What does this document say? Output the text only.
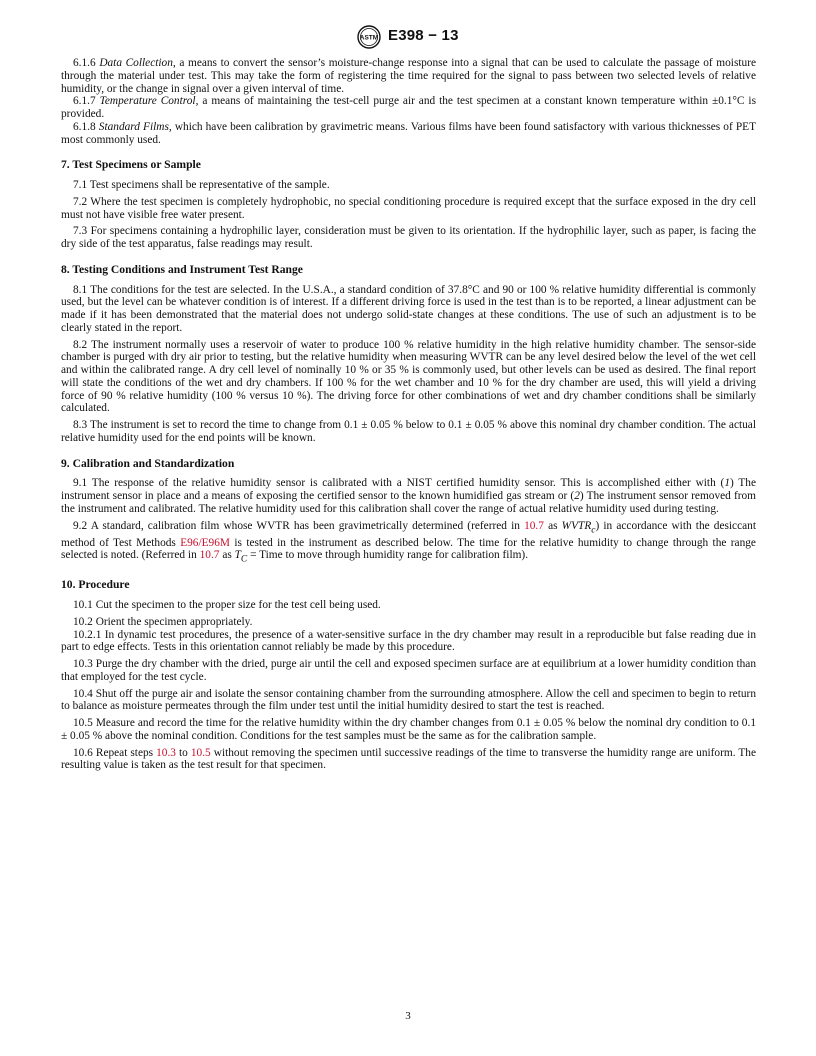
ASTM E398 − 13

6.1.6 Data Collection, a means to convert the sensor’s moisture-change response into a signal that can be used to calculate the passage of moisture through the material under test. This may take the form of registering the time required for the signal to pass between two selected levels of relative humidity, or the change in signal over a given interval of time.

6.1.7 Temperature Control, a means of maintaining the test-cell purge air and the test specimen at a constant known temperature within ±0.1°C is provided.

6.1.8 Standard Films, which have been calibration by gravimetric means. Various films have been found satisfactory with various thicknesses of PET most commonly used.

7. Test Specimens or Sample

7.1 Test specimens shall be representative of the sample.

7.2 Where the test specimen is completely hydrophobic, no special conditioning procedure is required except that the surface exposed in the dry cell must not have visible free water present.

7.3 For specimens containing a hydrophilic layer, consideration must be given to its orientation. If the hydrophilic layer, such as paper, is facing the dry side of the test apparatus, false readings may result.

8. Testing Conditions and Instrument Test Range

8.1 The conditions for the test are selected. In the U.S.A., a standard condition of 37.8°C and 90 or 100 % relative humidity differential is commonly used, but the level can be whatever condition is of interest. If a different driving force is used in the test than is to be reported, a linear adjustment can be made if it has been demonstrated that the material does not undergo solid-state changes at these conditions. The use of such an adjustment is to be clearly stated in the report.

8.2 The instrument normally uses a reservoir of water to produce 100 % relative humidity in the high relative humidity chamber. The sensor-side chamber is purged with dry air prior to testing, but the relative humidity when measuring WVTR can be any level desired below the level of the wet cell and within the calibrated range. A dry cell level of nominally 10 % or 35 % is commonly used, but other levels can be used as desired. The final report will state the conditions of the wet and dry chambers. If 100 % for the wet chamber and 10 % for the dry chamber are used, this will yield a driving force of 90 % relative humidity (100 % versus 10 %). The driving force for other combinations of wet and dry chamber conditions shall be similarly calculated.

8.3 The instrument is set to record the time to change from 0.1 ± 0.05 % below to 0.1 ± 0.05 % above this nominal dry chamber condition. The actual relative humidity used for the end points will be known.

9. Calibration and Standardization

9.1 The response of the relative humidity sensor is calibrated with a NIST certified humidity sensor. This is accomplished either with (1) The instrument sensor in place and a means of exposing the certified sensor to the known humidified gas stream or (2) The instrument sensor removed from the instrument and calibrated. The relative humidity used for this calibration shall cover the range of actual relative humidity used during testing.

9.2 A standard, calibration film whose WVTR has been gravimetrically determined (referred in 10.7 as $WVTR_c$) in accordance with the desiccant method of Test Methods E96/E96M is tested in the instrument as described below. The time for the relative humidity to change through the range selected is noted. (Referred in 10.7 as $T_C$ = Time to move through humidity range for calibration film).

10. Procedure

10.1 Cut the specimen to the proper size for the test cell being used.

10.2 Orient the specimen appropriately.

10.2.1 In dynamic test procedures, the presence of a water-sensitive surface in the dry chamber may result in a reproducible but false reading due in part to edge effects. Tests in this orientation cannot reliably be made by this procedure.

10.3 Purge the dry chamber with the dried, purge air until the cell and exposed specimen surface are at equilibrium at a lower humidity condition than that employed for the test cycle.

10.4 Shut off the purge air and isolate the sensor containing chamber from the surrounding atmosphere. Allow the cell and specimen to begin to return to balance as moisture permeates through the film under test until the initial humidity desired to start the test is reached.

10.5 Measure and record the time for the relative humidity within the dry chamber changes from 0.1 ± 0.05 % below the nominal dry condition to 0.1 ± 0.05 % above the nominal condition. Conditions for the test samples must be the same as for the calibration sample.

10.6 Repeat steps 10.3 to 10.5 without removing the specimen until successive readings of the time to transverse the humidity range are uniform. The resulting value is taken as the test result for that specimen.

3
